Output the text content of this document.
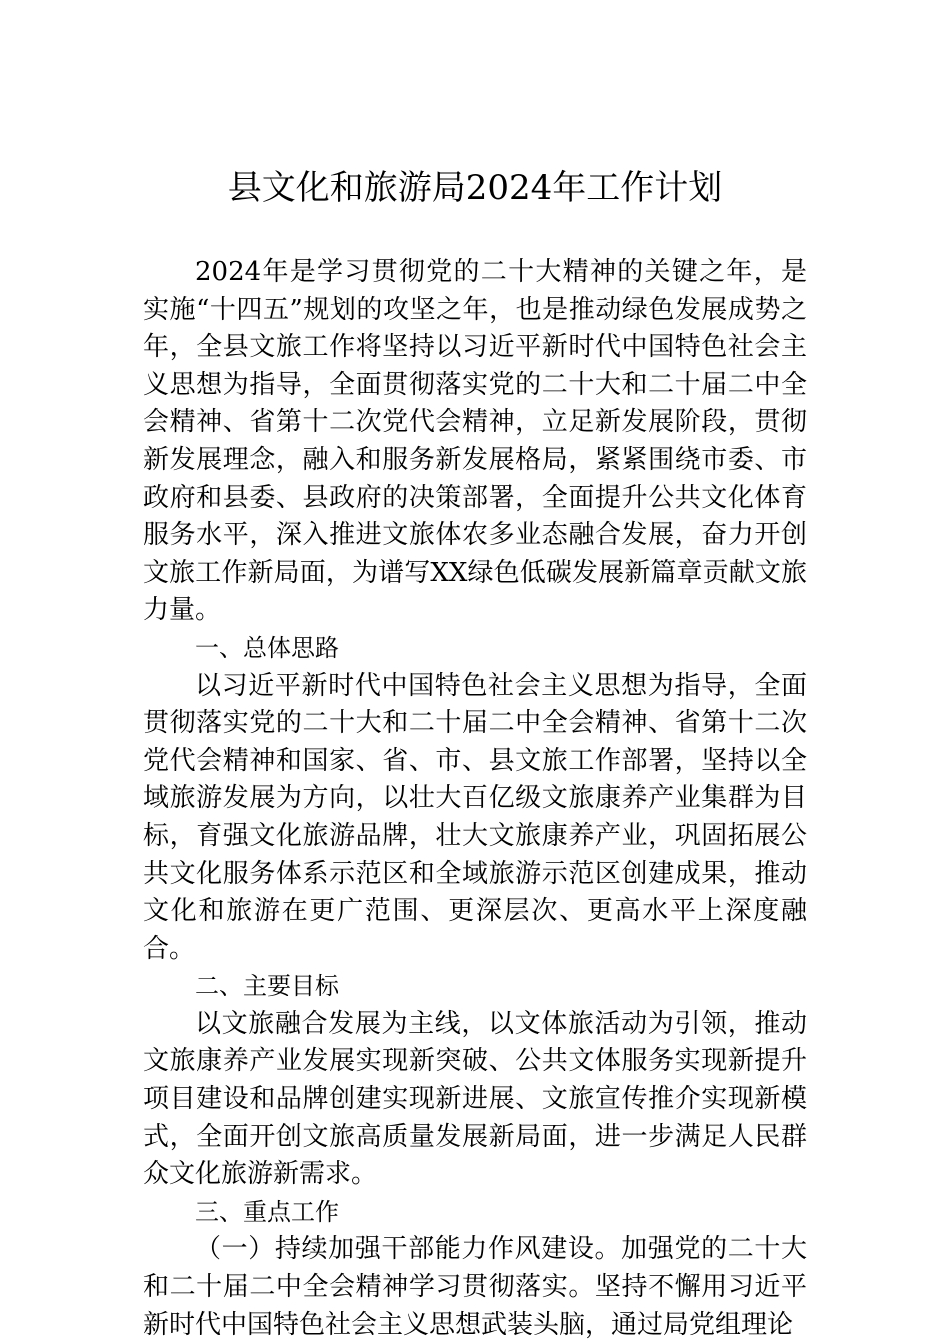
县文化和旅游局2024年工作计划

2024年是学习贯彻党的二十大精神的关键之年，是实施“十四五”规划的攻坚之年，也是推动绿色发展成势之年，全县文旅工作将坚持以习近平新时代中国特色社会主义思想为指导，全面贯彻落实党的二十大和二十届二中全会精神、省第十二次党代会精神，立足新发展阶段，贯彻新发展理念，融入和服务新发展格局，紧紧围绕市委、市政府和县委、县政府的决策部署，全面提升公共文化体育服务水平，深入推进文旅体农多业态融合发展，奋力开创文旅工作新局面，为谱写XX绿色低碳发展新篇章贡献文旅力量。

一、总体思路

以习近平新时代中国特色社会主义思想为指导，全面贯彻落实党的二十大和二十届二中全会精神、省第十二次党代会精神和国家、省、市、县文旅工作部署，坚持以全域旅游发展为方向，以壮大百亿级文旅康养产业集群为目标，育强文化旅游品牌，壮大文旅康养产业，巩固拓展公共文化服务体系示范区和全域旅游示范区创建成果，推动文化和旅游在更广范围、更深层次、更高水平上深度融合。

二、主要目标

以文旅融合发展为主线，以文体旅活动为引领，推动文旅康养产业发展实现新突破、公共文体服务实现新提升项目建设和品牌创建实现新进展、文旅宣传推介实现新模式，全面开创文旅高质量发展新局面，进一步满足人民群众文化旅游新需求。

三、重点工作

（一）持续加强干部能力作风建设。加强党的二十大和二十届二中全会精神学习贯彻落实。坚持不懈用习近平新时代中国特色社会主义思想武装头脑，通过局党组理论
